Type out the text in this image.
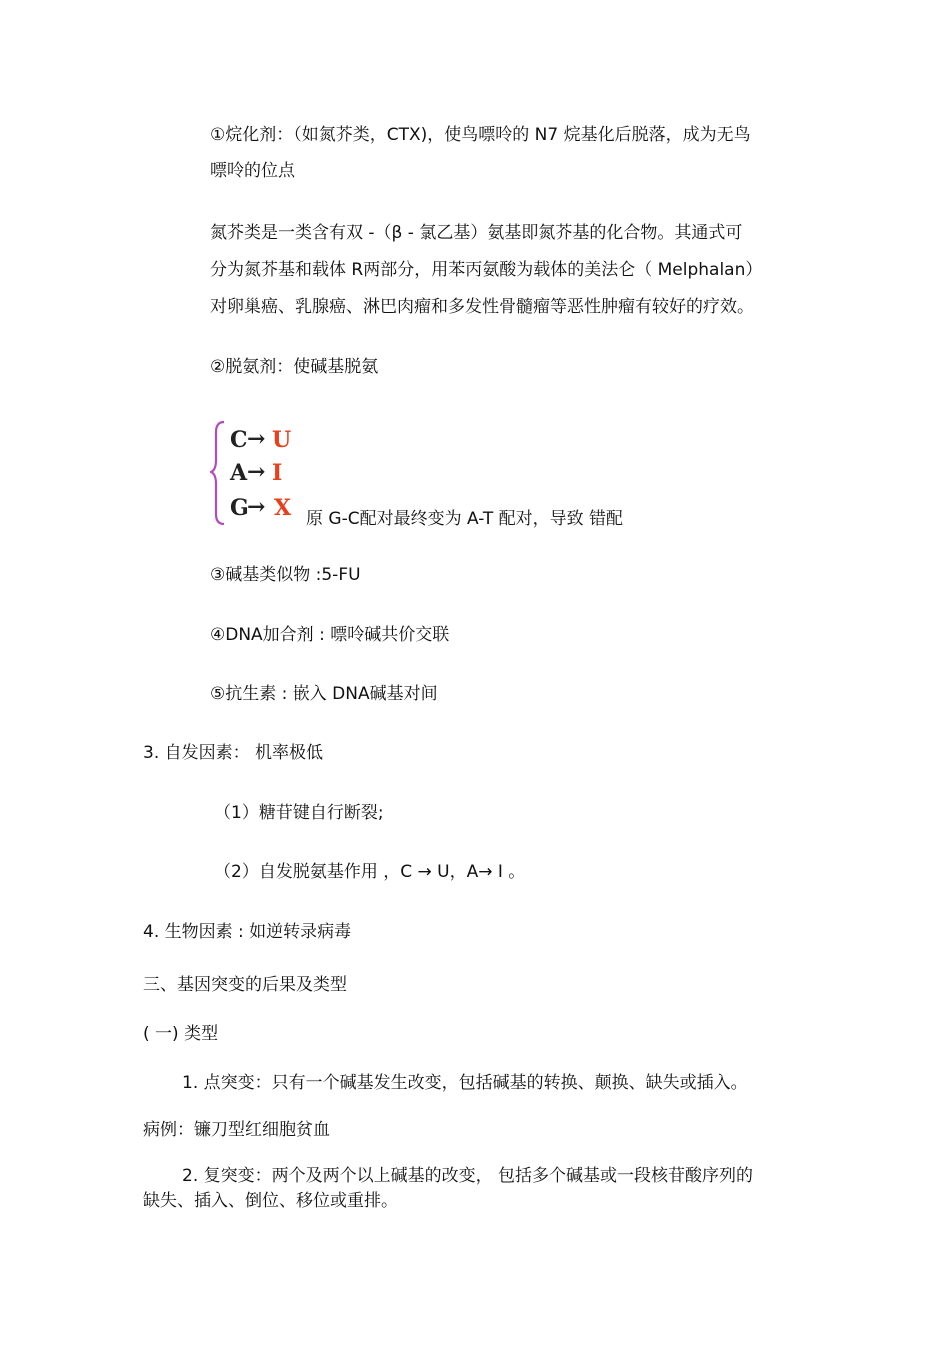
①烷化剂：（如氮芥类，CTX)，使鸟嘌呤的 N7 烷基化后脱落，成为无鸟
嘌呤的位点
氮芥类是一类含有双 -（β - 氯乙基）氨基即氮芥基的化合物。其通式可
分为氮芥基和载体 R两部分，用苯丙氨酸为载体的美法仑（ Melphalan）
对卵巢癌、乳腺癌、淋巴肉瘤和多发性骨髓瘤等恶性肿瘤有较好的疗效。
②脱氨剂：使碱基脱氨
C → U
A → I
G
→ X 原 G-C配对最终变为 A-T 配对，导致 错配
③碱基类似物 :5-FU
④DNA加合剂 : 嘌呤碱共价交联
⑤抗生素 : 嵌入 DNA碱基对间
3. 自发因素： 机率极低
（1）糖苷键自行断裂;
（2）自发脱氨基作用 ，C → U，A→ I 。
4. 生物因素 : 如逆转录病毒
三、基因突变的后果及类型
( 一) 类型
1. 点突变：只有一个碱基发生改变，包括碱基的转换、颠换、缺失或插入。
病例：镰刀型红细胞贫血
2. 复突变：两个及两个以上碱基的改变， 包括多个碱基或一段核苷酸序列的
缺失、插入、倒位、移位或重排。
